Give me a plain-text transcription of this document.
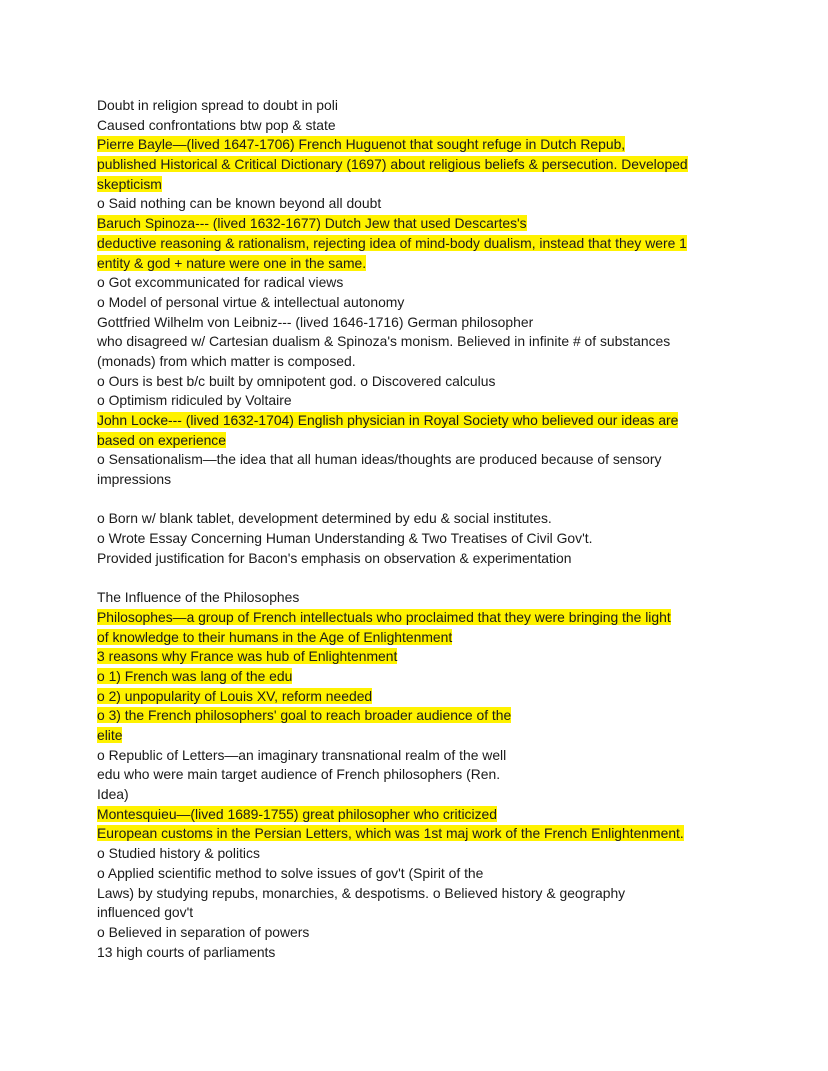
Doubt in religion spread to doubt in poli
Caused confrontations btw pop & state
Pierre Bayle—(lived 1647-1706) French Huguenot that sought refuge in Dutch Repub,
published Historical & Critical Dictionary (1697) about religious beliefs & persecution. Developed
skepticism
o Said nothing can be known beyond all doubt
Baruch Spinoza--- (lived 1632-1677) Dutch Jew that used Descartes's
deductive reasoning & rationalism, rejecting idea of mind-body dualism, instead that they were 1
entity & god + nature were one in the same.
o Got excommunicated for radical views
o Model of personal virtue & intellectual autonomy
Gottfried Wilhelm von Leibniz--- (lived 1646-1716) German philosopher
who disagreed w/ Cartesian dualism & Spinoza's monism. Believed in infinite # of substances
(monads) from which matter is composed.
o Ours is best b/c built by omnipotent god. o Discovered calculus
o Optimism ridiculed by Voltaire
John Locke--- (lived 1632-1704) English physician in Royal Society who believed our ideas are
based on experience
o Sensationalism—the idea that all human ideas/thoughts are produced because of sensory
impressions
o Born w/ blank tablet, development determined by edu & social institutes.
o Wrote Essay Concerning Human Understanding & Two Treatises of Civil Gov't.
Provided justification for Bacon's emphasis on observation & experimentation
The Influence of the Philosophes
Philosophes—a group of French intellectuals who proclaimed that they were bringing the light
of knowledge to their humans in the Age of Enlightenment
3 reasons why France was hub of Enlightenment
o 1) French was lang of the edu
o 2) unpopularity of Louis XV, reform needed
o 3) the French philosophers' goal to reach broader audience of the
elite
o Republic of Letters—an imaginary transnational realm of the well
edu who were main target audience of French philosophers (Ren.
Idea)
Montesquieu—(lived 1689-1755) great philosopher who criticized
European customs in the Persian Letters, which was 1st maj work of the French Enlightenment.
o Studied history & politics
o Applied scientific method to solve issues of gov't (Spirit of the
Laws) by studying repubs, monarchies, & despotisms. o Believed history & geography
influenced gov't
o Believed in separation of powers
13 high courts of parliaments
